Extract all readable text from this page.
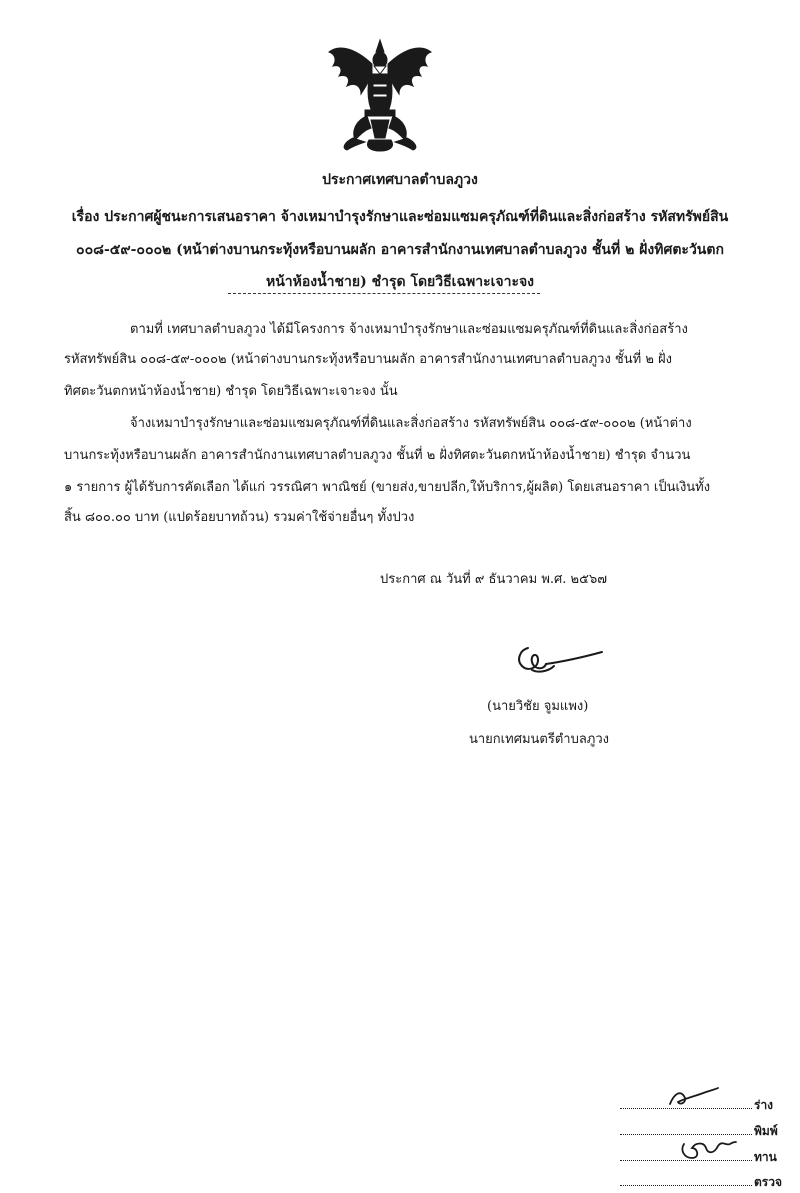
ประกาศเทศบาลตำบลภูวง
เรื่อง ประกาศผู้ชนะการเสนอราคา จ้างเหมาบำรุงรักษาและซ่อมแซมครุภัณฑ์ที่ดินและสิ่งก่อสร้าง รหัสทรัพย์สิน
๐๐๘-๕๙-๐๐๐๒ (หน้าต่างบานกระทุ้งหรือบานผลัก อาคารสำนักงานเทศบาลตำบลภูวง ชั้นที่ ๒ ฝั่งทิศตะวันตก
หน้าห้องน้ำชาย) ชำรุด โดยวิธีเฉพาะเจาะจง
ตามที่ เทศบาลตำบลภูวง ได้มีโครงการ จ้างเหมาบำรุงรักษาและซ่อมแซมครุภัณฑ์ที่ดินและสิ่งก่อสร้าง
รหัสทรัพย์สิน ๐๐๘-๕๙-๐๐๐๒ (หน้าต่างบานกระทุ้งหรือบานผลัก อาคารสำนักงานเทศบาลตำบลภูวง ชั้นที่ ๒ ฝั่ง
ทิศตะวันตกหน้าห้องน้ำชาย) ชำรุด โดยวิธีเฉพาะเจาะจง นั้น
จ้างเหมาบำรุงรักษาและซ่อมแซมครุภัณฑ์ที่ดินและสิ่งก่อสร้าง รหัสทรัพย์สิน ๐๐๘-๕๙-๐๐๐๒ (หน้าต่าง
บานกระทุ้งหรือบานผลัก อาคารสำนักงานเทศบาลตำบลภูวง ชั้นที่ ๒ ฝั่งทิศตะวันตกหน้าห้องน้ำชาย) ชำรุด จำนวน
๑ รายการ ผู้ได้รับการคัดเลือก ได้แก่ วรรณิศา พาณิชย์ (ขายส่ง,ขายปลีก,ให้บริการ,ผู้ผลิต) โดยเสนอราคา เป็นเงินทั้ง
สิ้น ๘๐๐.๐๐ บาท (แปดร้อยบาทถ้วน) รวมค่าใช้จ่ายอื่นๆ ทั้งปวง
ประกาศ ณ วันที่ ๙ ธันวาคม พ.ศ. ๒๕๖๗
(นายวิชัย จูมแพง)
นายกเทศมนตรีตำบลภูวง
ร่าง
พิมพ์
ทาน
ตรวจ
